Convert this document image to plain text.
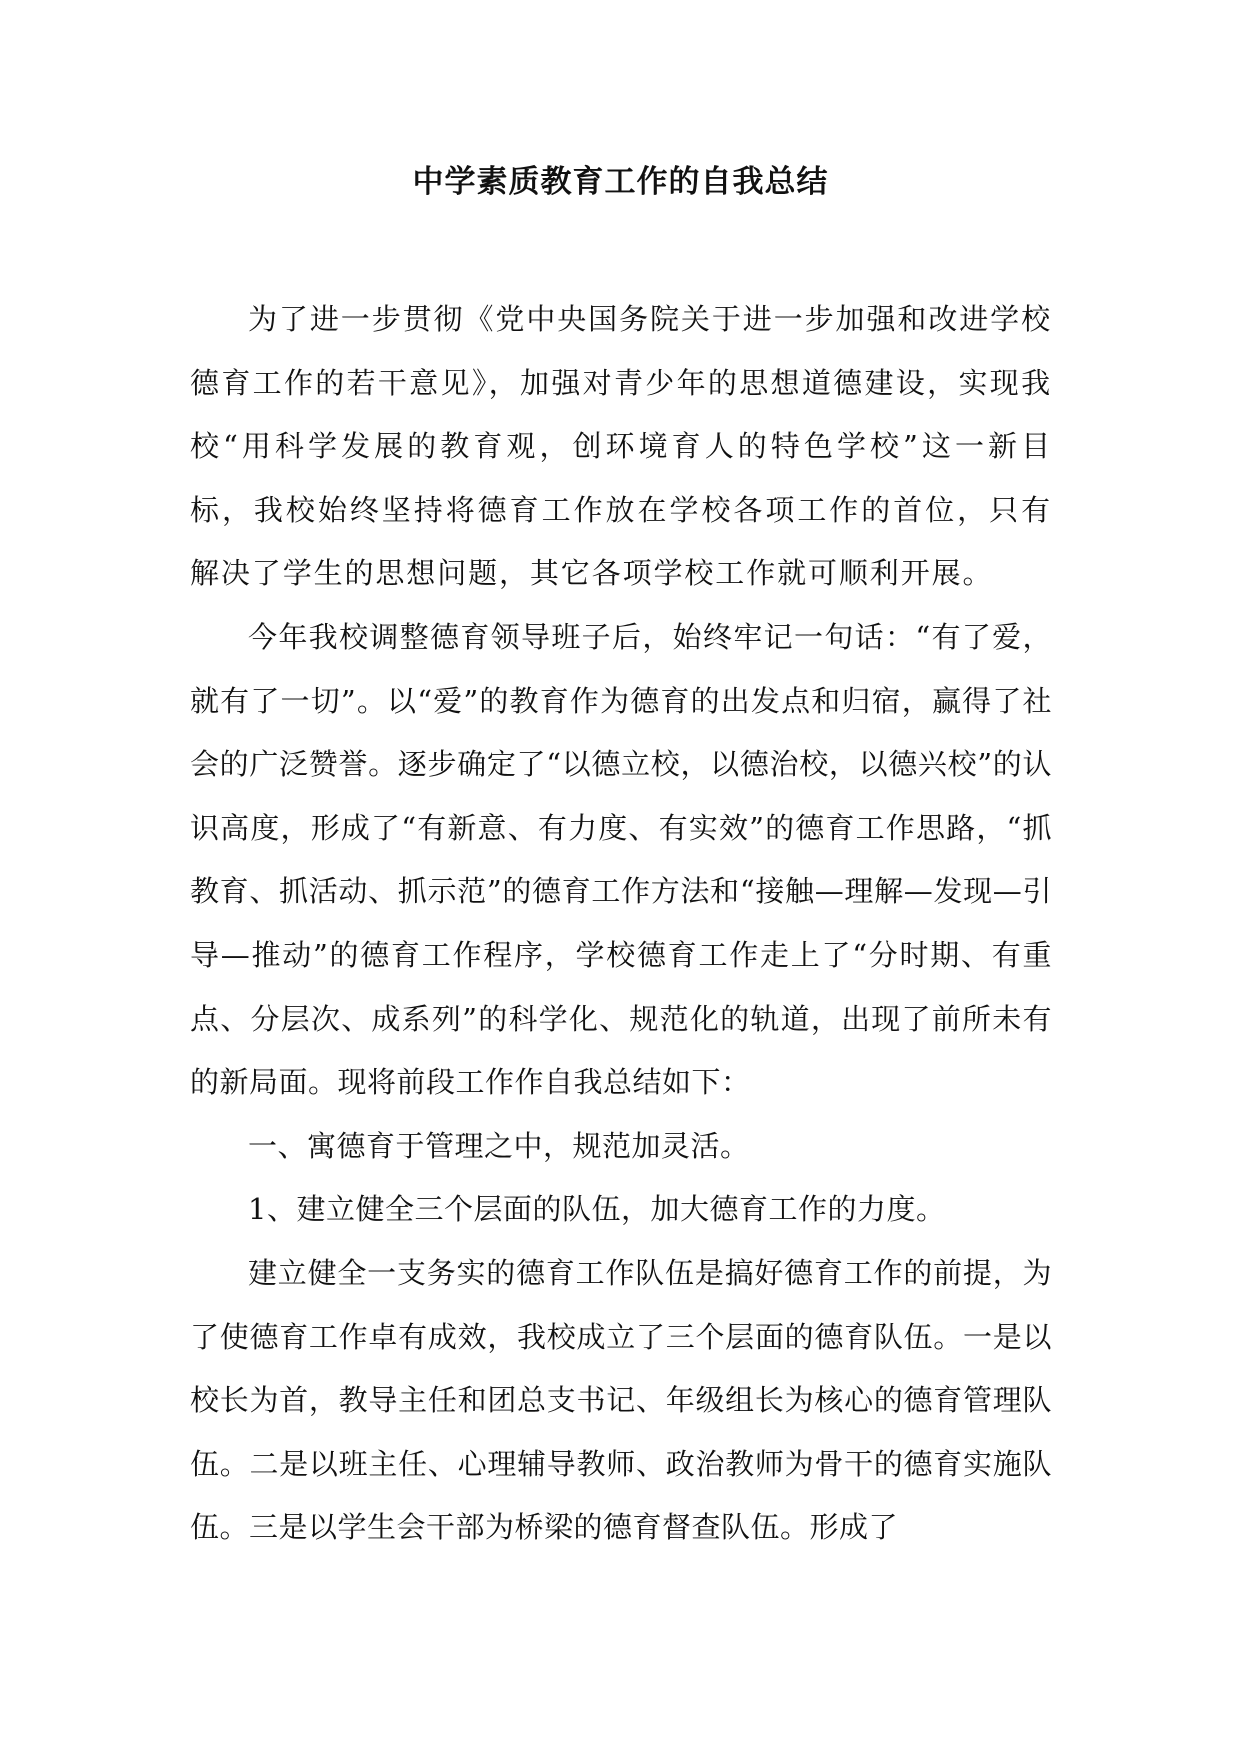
中学素质教育工作的自我总结

为了进一步贯彻《党中央国务院关于进一步加强和改进学校德育工作的若干意见》，加强对青少年的思想道德建设，实现我校“用科学发展的教育观，创环境育人的特色学校”这一新目标，我校始终坚持将德育工作放在学校各项工作的首位，只有解决了学生的思想问题，其它各项学校工作就可顺利开展。

今年我校调整德育领导班子后，始终牢记一句话：“有了爱，就有了一切”。以“爱”的教育作为德育的出发点和归宿，赢得了社会的广泛赞誉。逐步确定了“以德立校，以德治校，以德兴校”的认识高度，形成了“有新意、有力度、有实效”的德育工作思路，“抓教育、抓活动、抓示范”的德育工作方法和“接触—理解—发现—引导—推动”的德育工作程序，学校德育工作走上了“分时期、有重点、分层次、成系列”的科学化、规范化的轨道，出现了前所未有的新局面。现将前段工作作自我总结如下：

一、寓德育于管理之中，规范加灵活。

1、建立健全三个层面的队伍，加大德育工作的力度。

建立健全一支务实的德育工作队伍是搞好德育工作的前提，为了使德育工作卓有成效，我校成立了三个层面的德育队伍。一是以校长为首，教导主任和团总支书记、年级组长为核心的德育管理队伍。二是以班主任、心理辅导教师、政治教师为骨干的德育实施队伍。三是以学生会干部为桥梁的德育督查队伍。形成了
